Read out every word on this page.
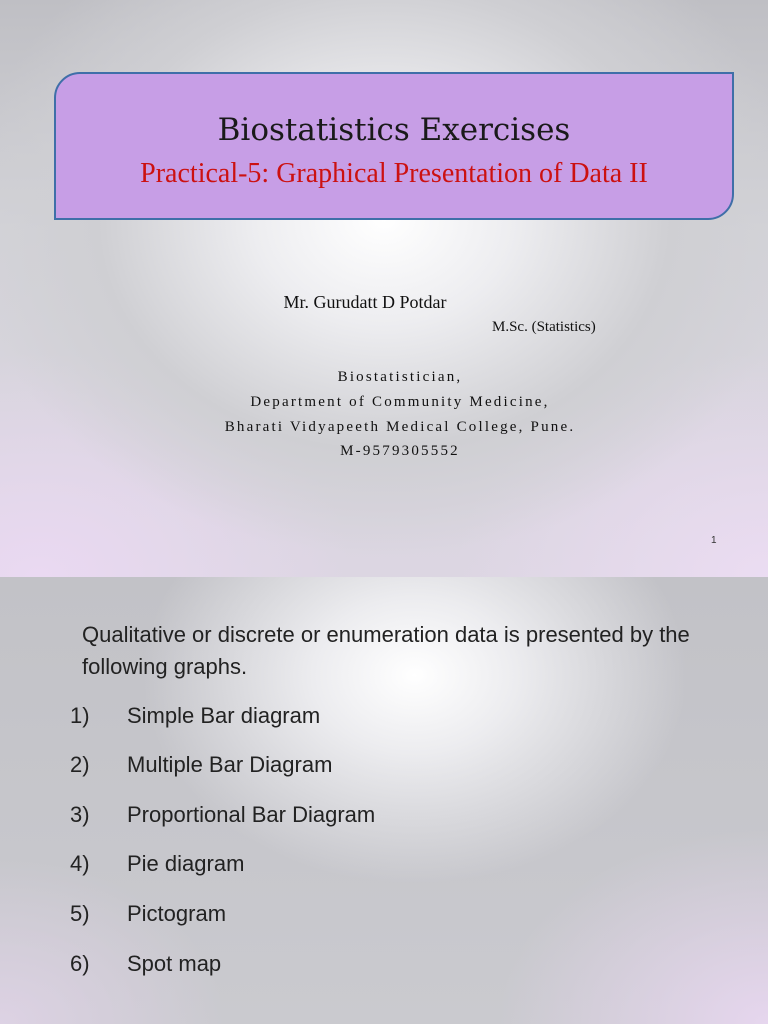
Biostatistics Exercises
Practical-5: Graphical Presentation of Data II
Mr. Gurudatt D Potdar
M.Sc. (Statistics)
Biostatistician,
Department of Community Medicine,
Bharati Vidyapeeth Medical College, Pune.
M-9579305552
1

Qualitative or discrete or enumeration data is presented by the following graphs.

1) Simple Bar diagram
2) Multiple Bar Diagram
3) Proportional Bar Diagram
4) Pie diagram
5) Pictogram
6) Spot map
